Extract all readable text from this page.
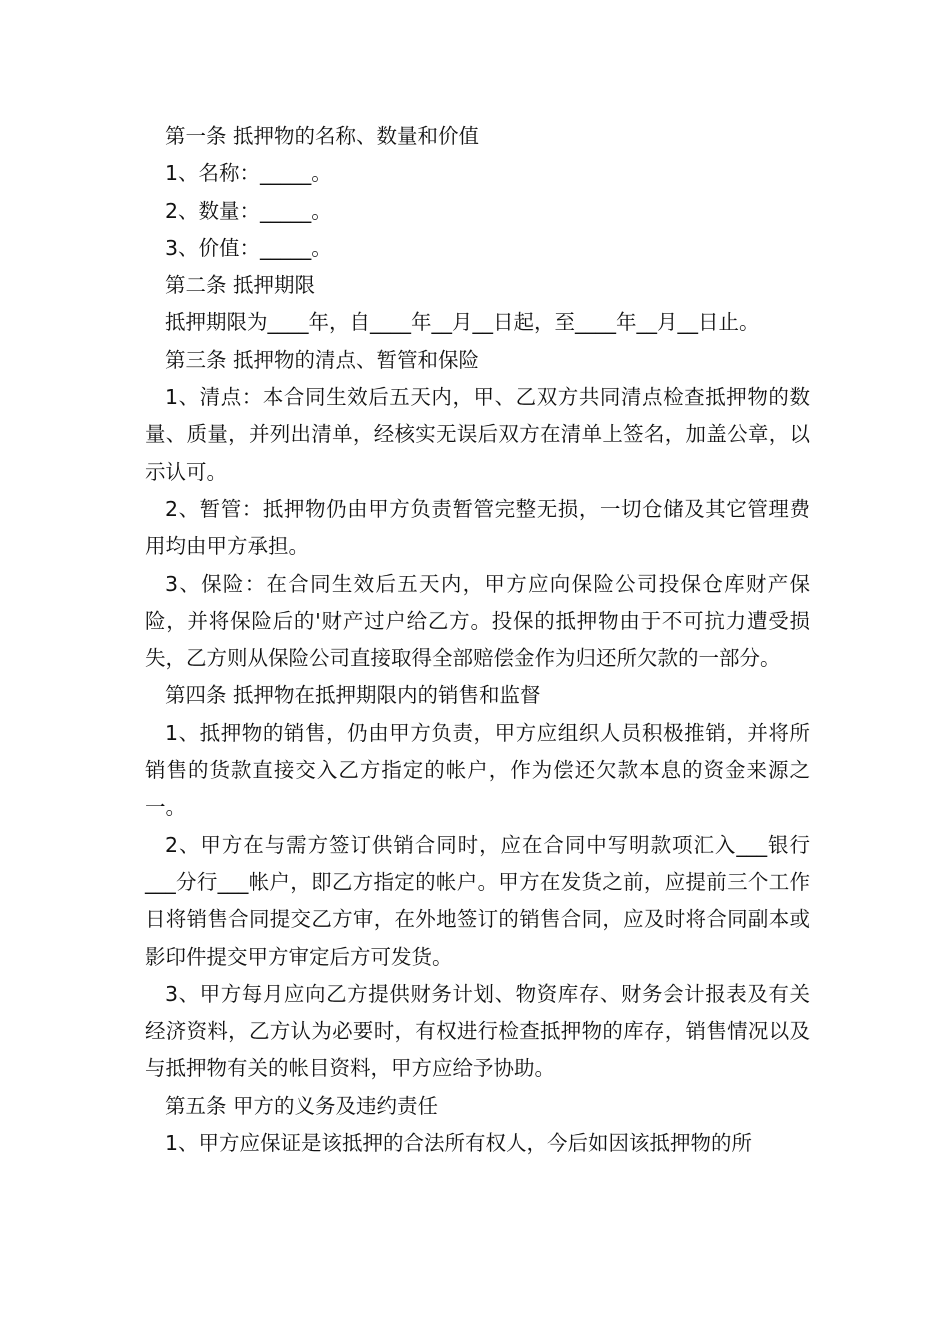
第一条 抵押物的名称、数量和价值

1、名称：_____。

2、数量：_____。

3、价值：_____。

第二条 抵押期限

抵押期限为____年，自____年__月__日起，至____年__月__日止。

第三条 抵押物的清点、暂管和保险

1、清点：本合同生效后五天内，甲、乙双方共同清点检查抵押物的数量、质量，并列出清单，经核实无误后双方在清单上签名，加盖公章，以示认可。

2、暂管：抵押物仍由甲方负责暂管完整无损，一切仓储及其它管理费用均由甲方承担。

3、保险：在合同生效后五天内，甲方应向保险公司投保仓库财产保险，并将保险后的'财产过户给乙方。投保的抵押物由于不可抗力遭受损失，乙方则从保险公司直接取得全部赔偿金作为归还所欠款的一部分。

第四条 抵押物在抵押期限内的销售和监督

1、抵押物的销售，仍由甲方负责，甲方应组织人员积极推销，并将所销售的货款直接交入乙方指定的帐户，作为偿还欠款本息的资金来源之一。

2、甲方在与需方签订供销合同时，应在合同中写明款项汇入___银行___分行___帐户，即乙方指定的帐户。甲方在发货之前，应提前三个工作日将销售合同提交乙方审，在外地签订的销售合同，应及时将合同副本或影印件提交甲方审定后方可发货。

3、甲方每月应向乙方提供财务计划、物资库存、财务会计报表及有关经济资料，乙方认为必要时，有权进行检查抵押物的库存，销售情况以及与抵押物有关的帐目资料，甲方应给予协助。

第五条 甲方的义务及违约责任

1、甲方应保证是该抵押的合法所有权人，今后如因该抵押物的所
